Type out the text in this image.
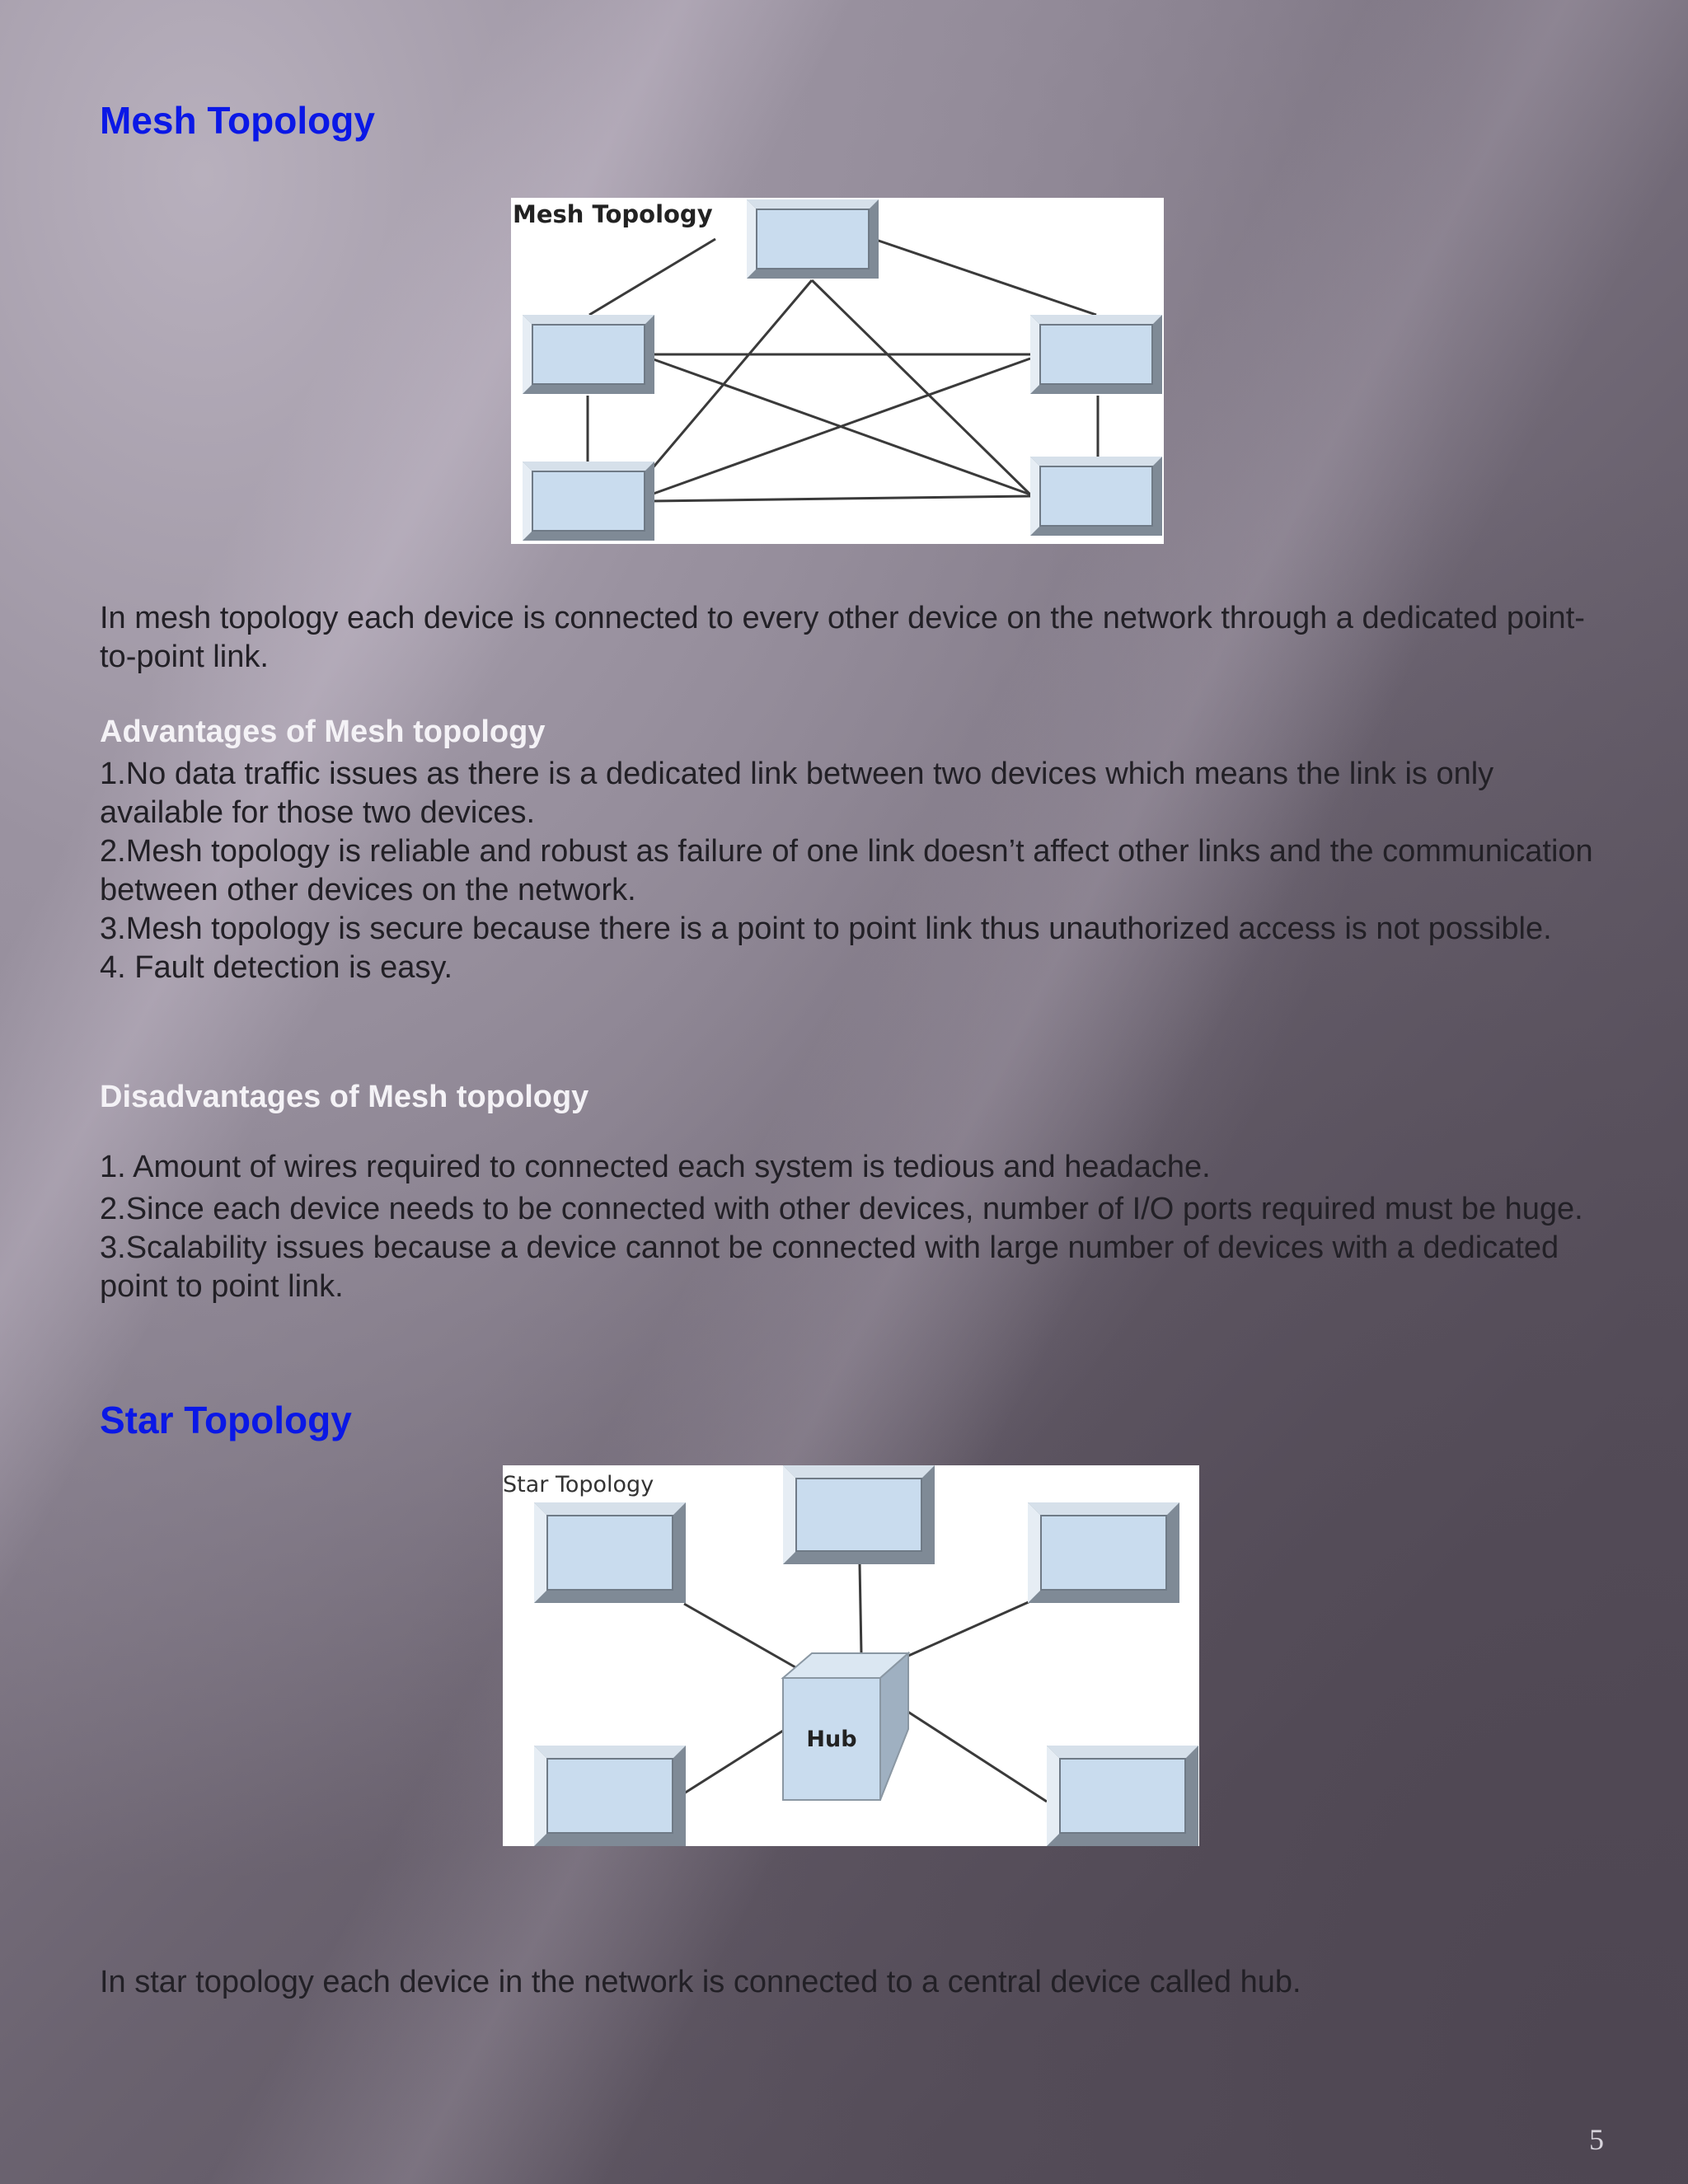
Mesh Topology
Mesh Topology

In mesh topology each device is connected to every other device on the network through a dedicated point-to-point link.

Advantages of Mesh topology
1.No data traffic issues as there is a dedicated link between two devices which means the link is only available for those two devices.
2.Mesh topology is reliable and robust as failure of one link doesn’t affect other links and the communication between other devices on the network.
3.Mesh topology is secure because there is a point to point link thus unauthorized access is not possible.
4. Fault detection is easy.
Disadvantages of Mesh topology
1. Amount of wires required to connected each system is tedious and headache.
2.Since each device needs to be connected with other devices, number of I/O ports required must be huge.
3.Scalability issues because a device cannot be connected with large number of devices with a dedicated point to point link.
Star Topology
Hub
Star Topology

In star topology each device in the network is connected to a central device called hub.

5
